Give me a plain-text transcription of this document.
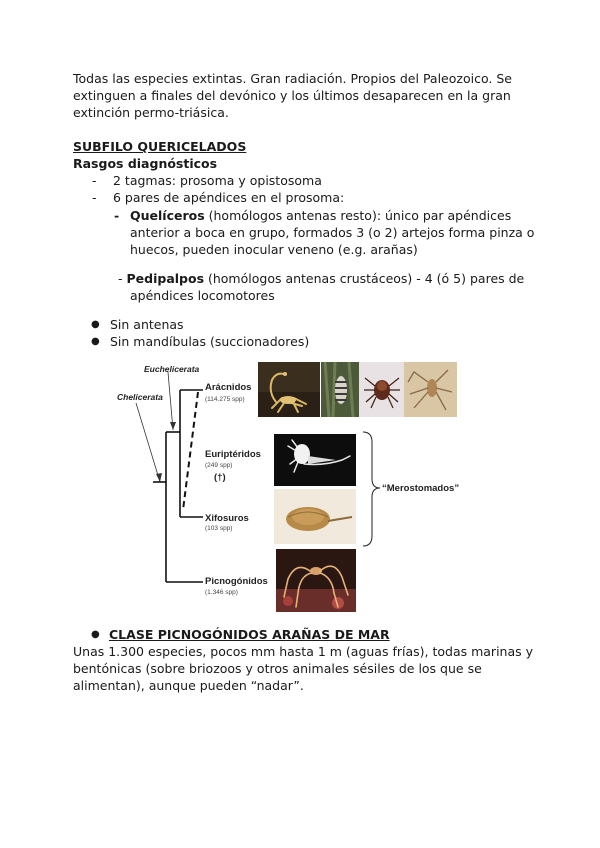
Todas las especies extintas. Gran radiación. Propios del Paleozoico. Se

extinguen a finales del devónico y los últimos desaparecen en la gran

extinción permo-triásica.

SUBFILO QUERICELADOS

Rasgos diagnósticos

- 2 tagmas: prosoma y opistosoma
- 6 pares de apéndices en el prosoma:
- Quelíceros (homólogos antenas resto): único par apéndices
anterior a boca en grupo, formados 3 (o 2) artejos forma pinza o
huecos, pueden inocular veneno (e.g. arañas)
- Pedipalpos (homólogos antenas crustáceos) - 4 (ó 5) pares de
apéndices locomotores
● Sin antenas
● Sin mandíbulas (succionadores)
Euchelicerata
Chelicerata
Arácnidos
(114.275 spp)
Euriptéridos
(249 spp)
(†)
Xifosuros
(103 spp)
Picnogónidos
(1.346 spp)
“Merostomados”
● CLASE PICNOGÓNIDOS ARAÑAS DE MAR

Unas 1.300 especies, pocos mm hasta 1 m (aguas frías), todas marinas y

bentónicas (sobre briozoos y otros animales sésiles de los que se

alimentan), aunque pueden “nadar”.
